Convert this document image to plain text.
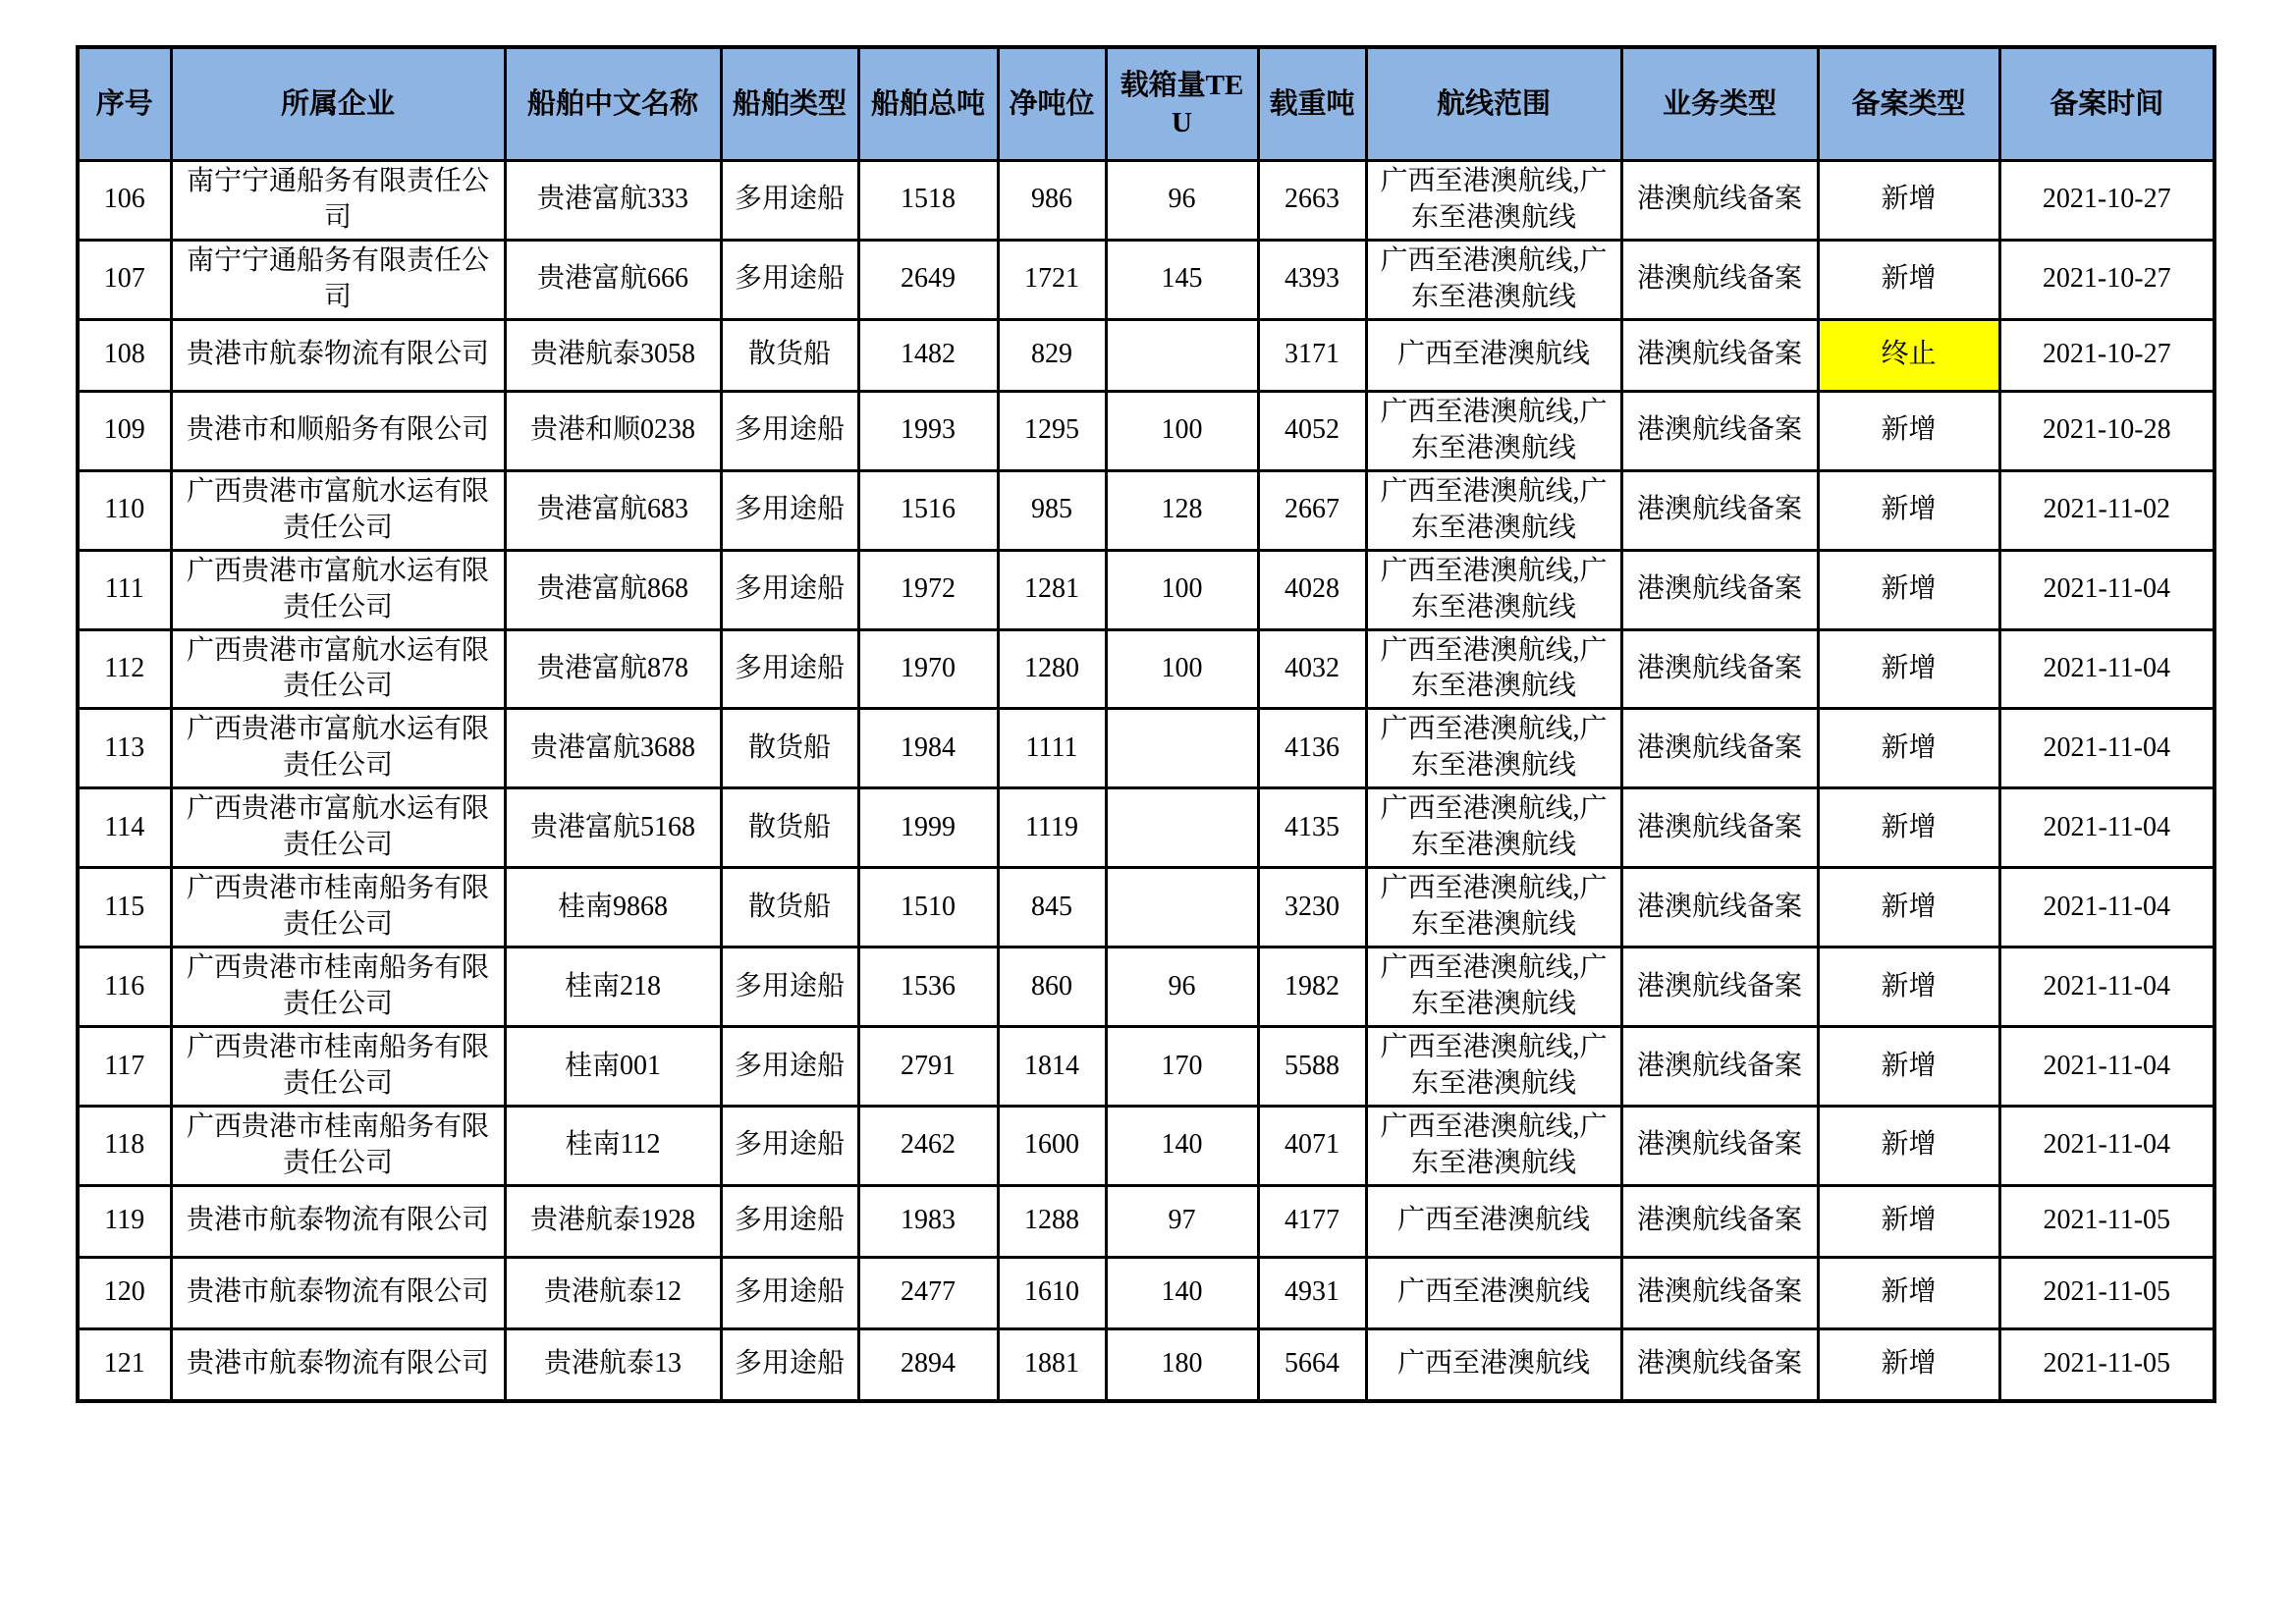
序号	所属企业	船舶中文名称	船舶类型	船舶总吨	净吨位	载箱量TEU	载重吨	航线范围	业务类型	备案类型	备案时间
106	南宁宁通船务有限责任公司	贵港富航333	多用途船	1518	986	96	2663	广西至港澳航线,广东至港澳航线	港澳航线备案	新增	2021-10-27
107	南宁宁通船务有限责任公司	贵港富航666	多用途船	2649	1721	145	4393	广西至港澳航线,广东至港澳航线	港澳航线备案	新增	2021-10-27
108	贵港市航泰物流有限公司	贵港航泰3058	散货船	1482	829		3171	广西至港澳航线	港澳航线备案	终止	2021-10-27
109	贵港市和顺船务有限公司	贵港和顺0238	多用途船	1993	1295	100	4052	广西至港澳航线,广东至港澳航线	港澳航线备案	新增	2021-10-28
110	广西贵港市富航水运有限责任公司	贵港富航683	多用途船	1516	985	128	2667	广西至港澳航线,广东至港澳航线	港澳航线备案	新增	2021-11-02
111	广西贵港市富航水运有限责任公司	贵港富航868	多用途船	1972	1281	100	4028	广西至港澳航线,广东至港澳航线	港澳航线备案	新增	2021-11-04
112	广西贵港市富航水运有限责任公司	贵港富航878	多用途船	1970	1280	100	4032	广西至港澳航线,广东至港澳航线	港澳航线备案	新增	2021-11-04
113	广西贵港市富航水运有限责任公司	贵港富航3688	散货船	1984	1111		4136	广西至港澳航线,广东至港澳航线	港澳航线备案	新增	2021-11-04
114	广西贵港市富航水运有限责任公司	贵港富航5168	散货船	1999	1119		4135	广西至港澳航线,广东至港澳航线	港澳航线备案	新增	2021-11-04
115	广西贵港市桂南船务有限责任公司	桂南9868	散货船	1510	845		3230	广西至港澳航线,广东至港澳航线	港澳航线备案	新增	2021-11-04
116	广西贵港市桂南船务有限责任公司	桂南218	多用途船	1536	860	96	1982	广西至港澳航线,广东至港澳航线	港澳航线备案	新增	2021-11-04
117	广西贵港市桂南船务有限责任公司	桂南001	多用途船	2791	1814	170	5588	广西至港澳航线,广东至港澳航线	港澳航线备案	新增	2021-11-04
118	广西贵港市桂南船务有限责任公司	桂南112	多用途船	2462	1600	140	4071	广西至港澳航线,广东至港澳航线	港澳航线备案	新增	2021-11-04
119	贵港市航泰物流有限公司	贵港航泰1928	多用途船	1983	1288	97	4177	广西至港澳航线	港澳航线备案	新增	2021-11-05
120	贵港市航泰物流有限公司	贵港航泰12	多用途船	2477	1610	140	4931	广西至港澳航线	港澳航线备案	新增	2021-11-05
121	贵港市航泰物流有限公司	贵港航泰13	多用途船	2894	1881	180	5664	广西至港澳航线	港澳航线备案	新增	2021-11-05
